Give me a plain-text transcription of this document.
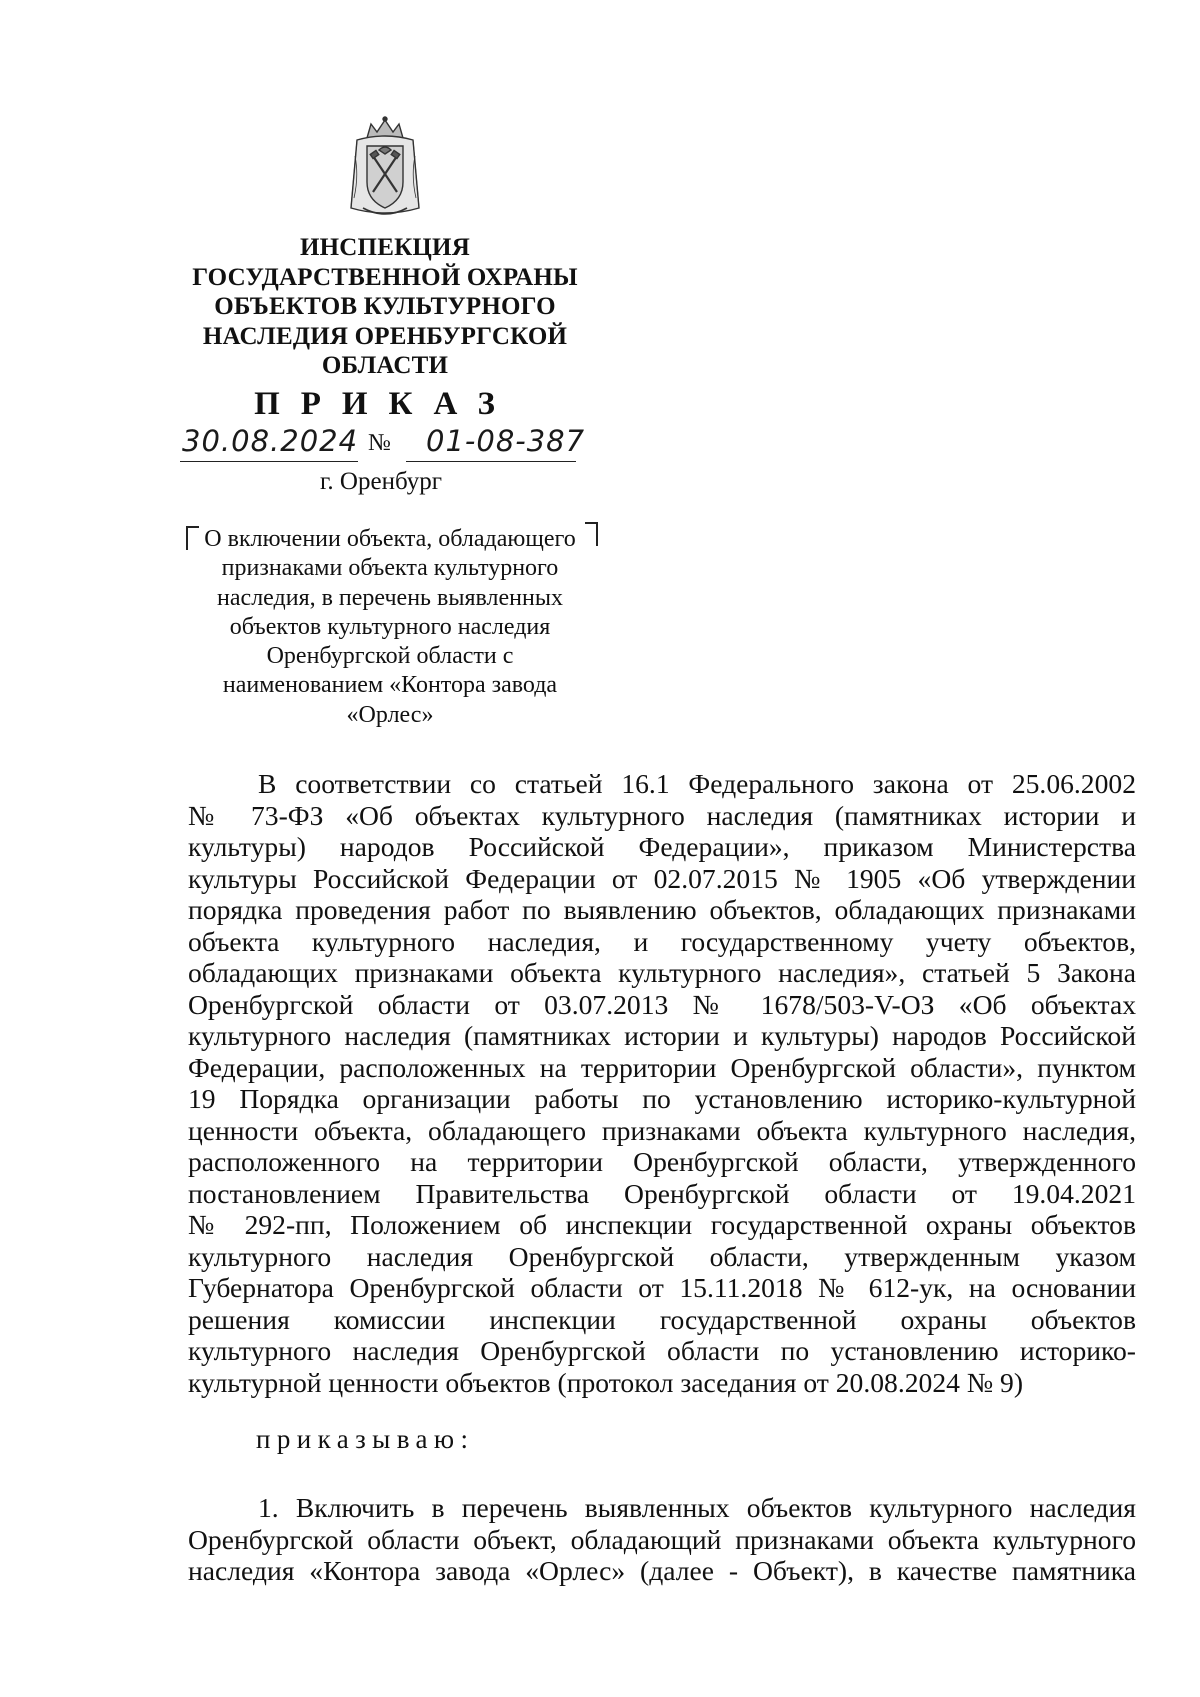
ИНСПЕКЦИЯ
ГОСУДАРСТВЕННОЙ ОХРАНЫ
ОБЪЕКТОВ КУЛЬТУРНОГО
НАСЛЕДИЯ ОРЕНБУРГСКОЙ
ОБЛАСТИ
ПРИКАЗ
30.08.2024 № 01-08-387
г. Оренбург
О включении объекта, обладающего
признаками объекта культурного
наследия, в перечень выявленных
объектов культурного наследия
Оренбургской области с
наименованием «Контора завода
«Орлес»
В соответствии со статьей 16.1 Федерального закона от 25.06.2002
№ 73-ФЗ «Об объектах культурного наследия (памятниках истории и
культуры) народов Российской Федерации», приказом Министерства
культуры Российской Федерации от 02.07.2015 № 1905 «Об утверждении
порядка проведения работ по выявлению объектов, обладающих признаками
объекта культурного наследия, и государственному учету объектов,
обладающих признаками объекта культурного наследия», статьей 5 Закона
Оренбургской области от 03.07.2013 № 1678/503-V-ОЗ «Об объектах
культурного наследия (памятниках истории и культуры) народов Российской
Федерации, расположенных на территории Оренбургской области», пунктом
19 Порядка организации работы по установлению историко-культурной
ценности объекта, обладающего признаками объекта культурного наследия,
расположенного на территории Оренбургской области, утвержденного
постановлением Правительства Оренбургской области от 19.04.2021
№ 292-пп, Положением об инспекции государственной охраны объектов
культурного наследия Оренбургской области, утвержденным указом
Губернатора Оренбургской области от 15.11.2018 № 612-ук, на основании
решения комиссии инспекции государственной охраны объектов
культурного наследия Оренбургской области по установлению историко-
культурной ценности объектов (протокол заседания от 20.08.2024 № 9)
приказываю:
1. Включить в перечень выявленных объектов культурного наследия
Оренбургской области объект, обладающий признаками объекта культурного
наследия «Контора завода «Орлес» (далее - Объект), в качестве памятника
